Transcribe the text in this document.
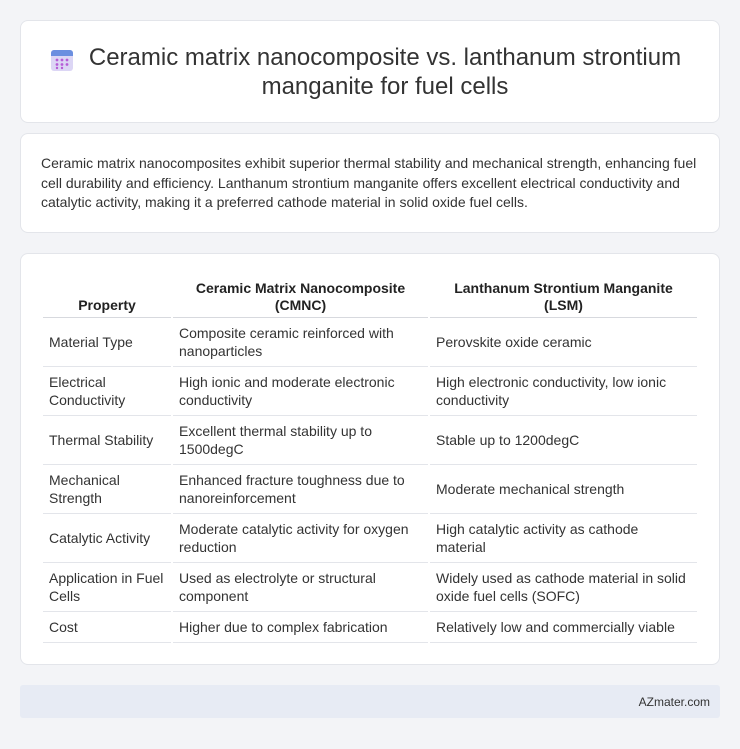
Ceramic matrix nanocomposite vs. lanthanum strontium manganite for fuel cells

Ceramic matrix nanocomposites exhibit superior thermal stability and mechanical strength, enhancing fuel cell durability and efficiency. Lanthanum strontium manganite offers excellent electrical conductivity and catalytic activity, making it a preferred cathode material in solid oxide fuel cells.

Property	Ceramic Matrix Nanocomposite (CMNC)	Lanthanum Strontium Manganite (LSM)
Material Type	Composite ceramic reinforced with nanoparticles	Perovskite oxide ceramic
Electrical Conductivity	High ionic and moderate electronic conductivity	High electronic conductivity, low ionic conductivity
Thermal Stability	Excellent thermal stability up to 1500degC	Stable up to 1200degC
Mechanical Strength	Enhanced fracture toughness due to nanoreinforcement	Moderate mechanical strength
Catalytic Activity	Moderate catalytic activity for oxygen reduction	High catalytic activity as cathode material
Application in Fuel Cells	Used as electrolyte or structural component	Widely used as cathode material in solid oxide fuel cells (SOFC)
Cost	Higher due to complex fabrication	Relatively low and commercially viable
AZmater.com
